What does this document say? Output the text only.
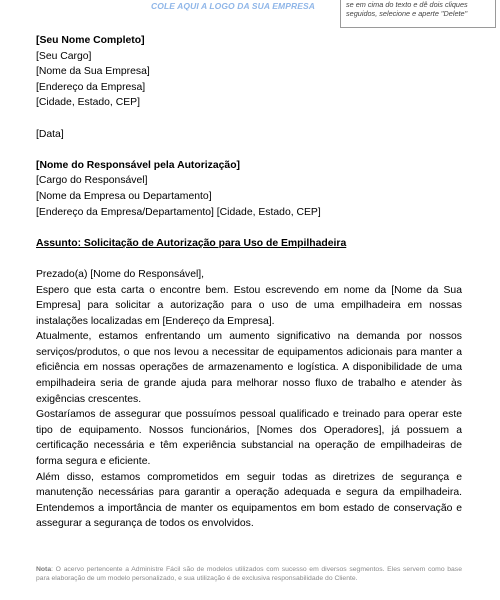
COLE AQUI A LOGO DA SUA EMPRESA	se em cima do texto e dê dois cliques seguidos, selecione e aperte "Delete"
[Seu Nome Completo]
[Seu Cargo]
[Nome da Sua Empresa]
[Endereço da Empresa]
[Cidade, Estado, CEP]
[Data]
[Nome do Responsável pela Autorização]
[Cargo do Responsável]
[Nome da Empresa ou Departamento]
[Endereço da Empresa/Departamento] [Cidade, Estado, CEP]
Assunto: Solicitação de Autorização para Uso de Empilhadeira
Prezado(a) [Nome do Responsável],
Espero que esta carta o encontre bem. Estou escrevendo em nome da [Nome da Sua Empresa] para solicitar a autorização para o uso de uma empilhadeira em nossas instalações localizadas em [Endereço da Empresa].
Atualmente, estamos enfrentando um aumento significativo na demanda por nossos serviços/produtos, o que nos levou a necessitar de equipamentos adicionais para manter a eficiência em nossas operações de armazenamento e logística. A disponibilidade de uma empilhadeira seria de grande ajuda para melhorar nosso fluxo de trabalho e atender às exigências crescentes.
Gostaríamos de assegurar que possuímos pessoal qualificado e treinado para operar este tipo de equipamento. Nossos funcionários, [Nomes dos Operadores], já possuem a certificação necessária e têm experiência substancial na operação de empilhadeiras de forma segura e eficiente.
Além disso, estamos comprometidos em seguir todas as diretrizes de segurança e manutenção necessárias para garantir a operação adequada e segura da empilhadeira. Entendemos a importância de manter os equipamentos em bom estado de conservação e assegurar a segurança de todos os envolvidos.
Nota: O acervo pertencente a Administre Fácil são de modelos utilizados com sucesso em diversos segmentos. Eles servem como base para elaboração de um modelo personalizado, e sua utilização é de exclusiva responsabilidade do Cliente.
